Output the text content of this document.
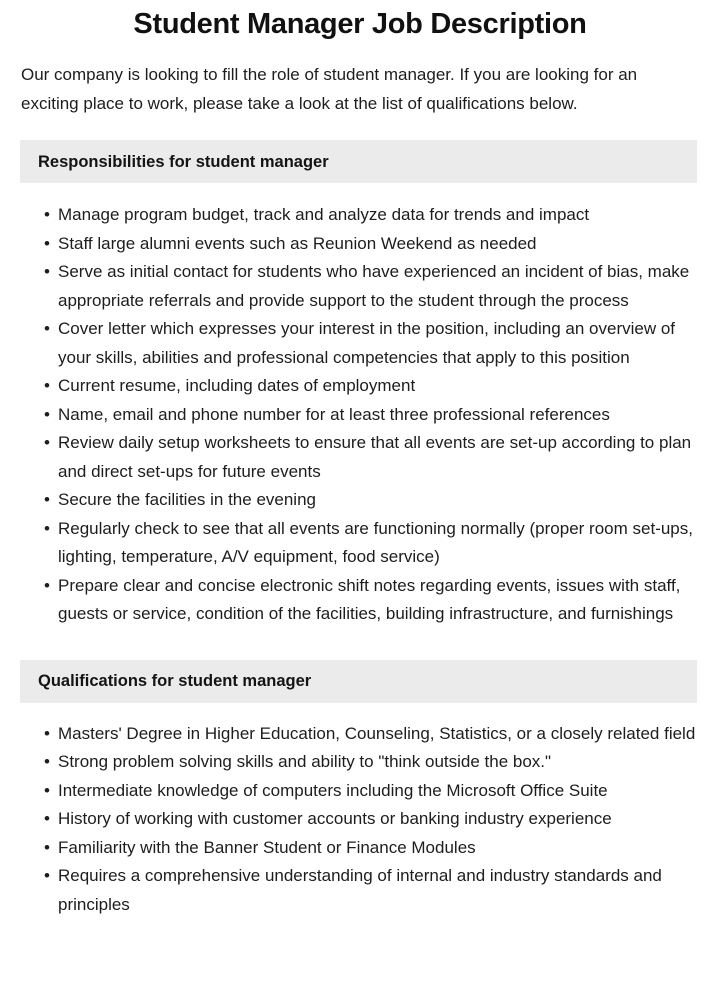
Student Manager Job Description

Our company is looking to fill the role of student manager. If you are looking for an exciting place to work, please take a look at the list of qualifications below.

Responsibilities for student manager
• Manage program budget, track and analyze data for trends and impact
• Staff large alumni events such as Reunion Weekend as needed
• Serve as initial contact for students who have experienced an incident of bias, make appropriate referrals and provide support to the student through the process
• Cover letter which expresses your interest in the position, including an overview of your skills, abilities and professional competencies that apply to this position
• Current resume, including dates of employment
• Name, email and phone number for at least three professional references
• Review daily setup worksheets to ensure that all events are set-up according to plan and direct set-ups for future events
• Secure the facilities in the evening
• Regularly check to see that all events are functioning normally (proper room set-ups, lighting, temperature, A/V equipment, food service)
• Prepare clear and concise electronic shift notes regarding events, issues with staff, guests or service, condition of the facilities, building infrastructure, and furnishings
Qualifications for student manager
• Masters' Degree in Higher Education, Counseling, Statistics, or a closely related field
• Strong problem solving skills and ability to "think outside the box."
• Intermediate knowledge of computers including the Microsoft Office Suite
• History of working with customer accounts or banking industry experience
• Familiarity with the Banner Student or Finance Modules
• Requires a comprehensive understanding of internal and industry standards and principles
